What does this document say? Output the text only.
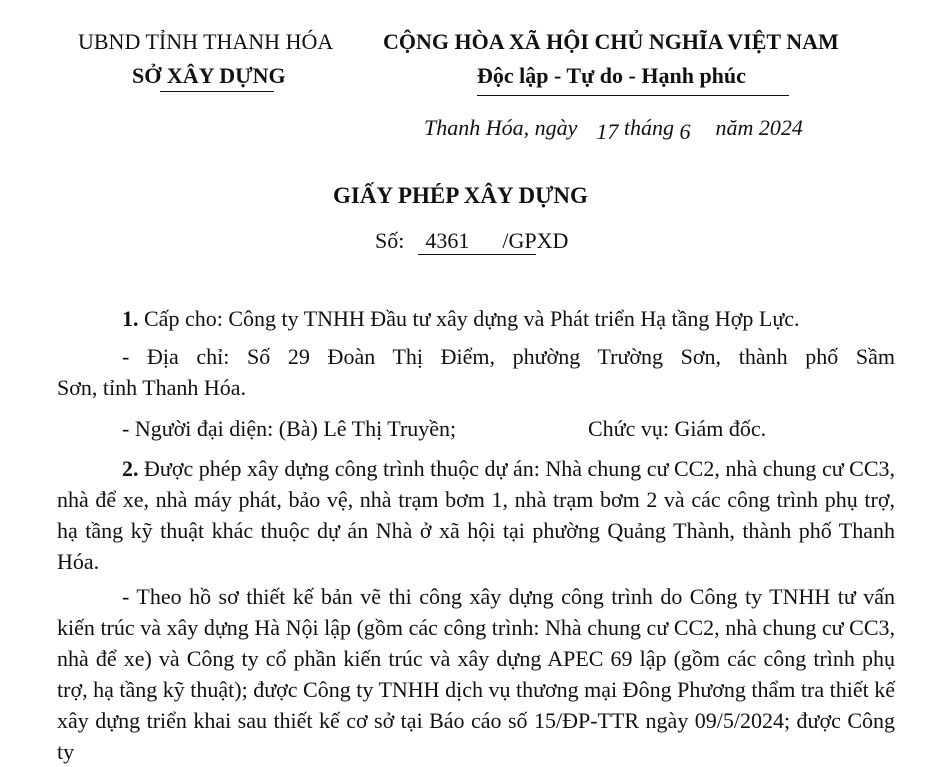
UBND TỈNH THANH HÓA
SỞ XÂY DỰNG
CỘNG HÒA XÃ HỘI CHỦ NGHĨA VIỆT NAM
Độc lập - Tự do - Hạnh phúc
Thanh Hóa, ngày 17 tháng 6 năm 2024
GIẤY PHÉP XÂY DỰNG
Số: 4361 /GPXD
1. Cấp cho: Công ty TNHH Đầu tư xây dựng và Phát triển Hạ tầng Hợp Lực.
- Địa chỉ: Số 29 Đoàn Thị Điểm, phường Trường Sơn, thành phố Sầm
Sơn, tỉnh Thanh Hóa.
- Người đại diện: (Bà) Lê Thị Truyền;	Chức vụ: Giám đốc.
2. Được phép xây dựng công trình thuộc dự án: Nhà chung cư CC2, nhà chung cư CC3, nhà để xe, nhà máy phát, bảo vệ, nhà trạm bơm 1, nhà trạm bơm 2 và các công trình phụ trợ, hạ tầng kỹ thuật khác thuộc dự án Nhà ở xã hội tại phường Quảng Thành, thành phố Thanh Hóa.
- Theo hồ sơ thiết kế bản vẽ thi công xây dựng công trình do Công ty TNHH tư vấn kiến trúc và xây dựng Hà Nội lập (gồm các công trình: Nhà chung cư CC2, nhà chung cư CC3, nhà để xe) và Công ty cổ phần kiến trúc và xây dựng APEC 69 lập (gồm các công trình phụ trợ, hạ tầng kỹ thuật); được Công ty TNHH dịch vụ thương mại Đông Phương thẩm tra thiết kế xây dựng triển khai sau thiết kế cơ sở tại Báo cáo số 15/ĐP-TTR ngày 09/5/2024; được Công ty
